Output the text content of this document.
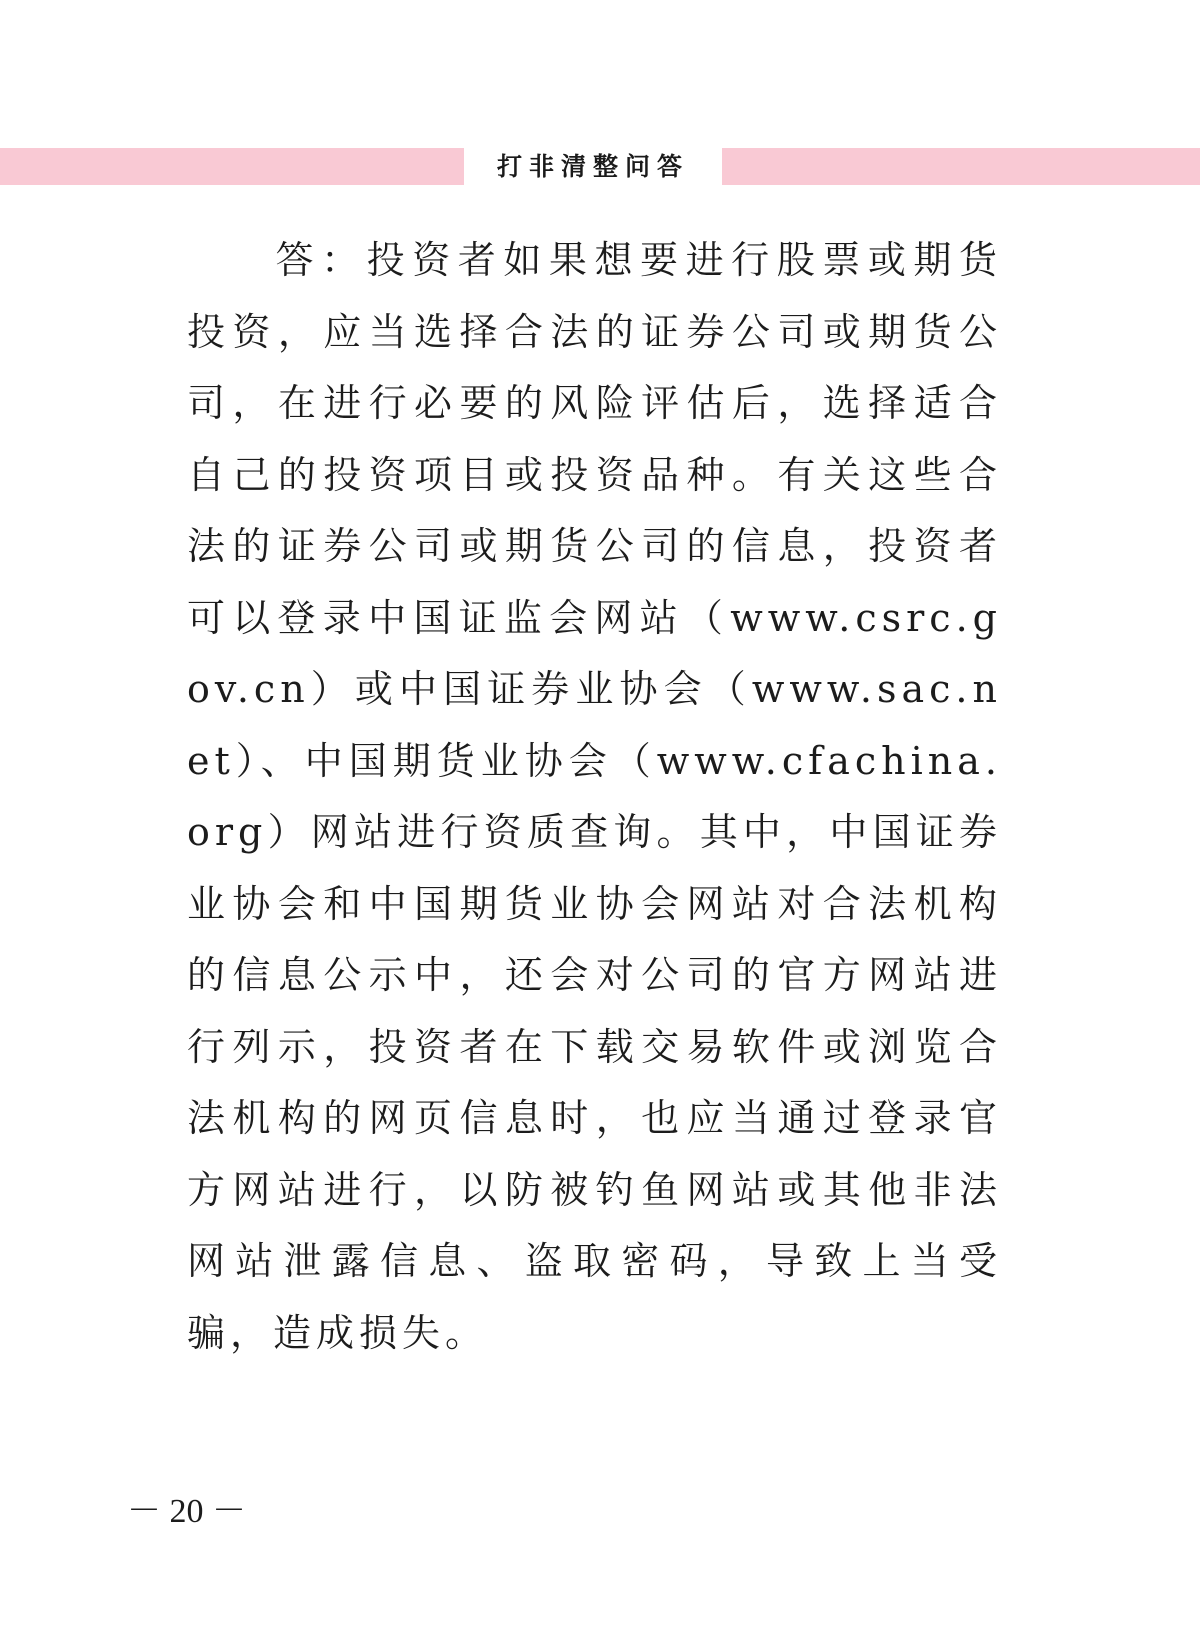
打非清整问答

答：投资者如果想要进行股票或期货投资，应当选择合法的证券公司或期货公司，在进行必要的风险评估后，选择适合自己的投资项目或投资品种。有关这些合法的证券公司或期货公司的信息，投资者可以登录中国证监会网站（www.csrc.gov.cn）或中国证券业协会（www.sac.net）、中国期货业协会（www.cfachina.org）网站进行资质查询。其中，中国证券业协会和中国期货业协会网站对合法机构的信息公示中，还会对公司的官方网站进行列示，投资者在下载交易软件或浏览合法机构的网页信息时，也应当通过登录官方网站进行，以防被钓鱼网站或其他非法网站泄露信息、盗取密码，导致上当受骗，造成损失。

－ 20 －
